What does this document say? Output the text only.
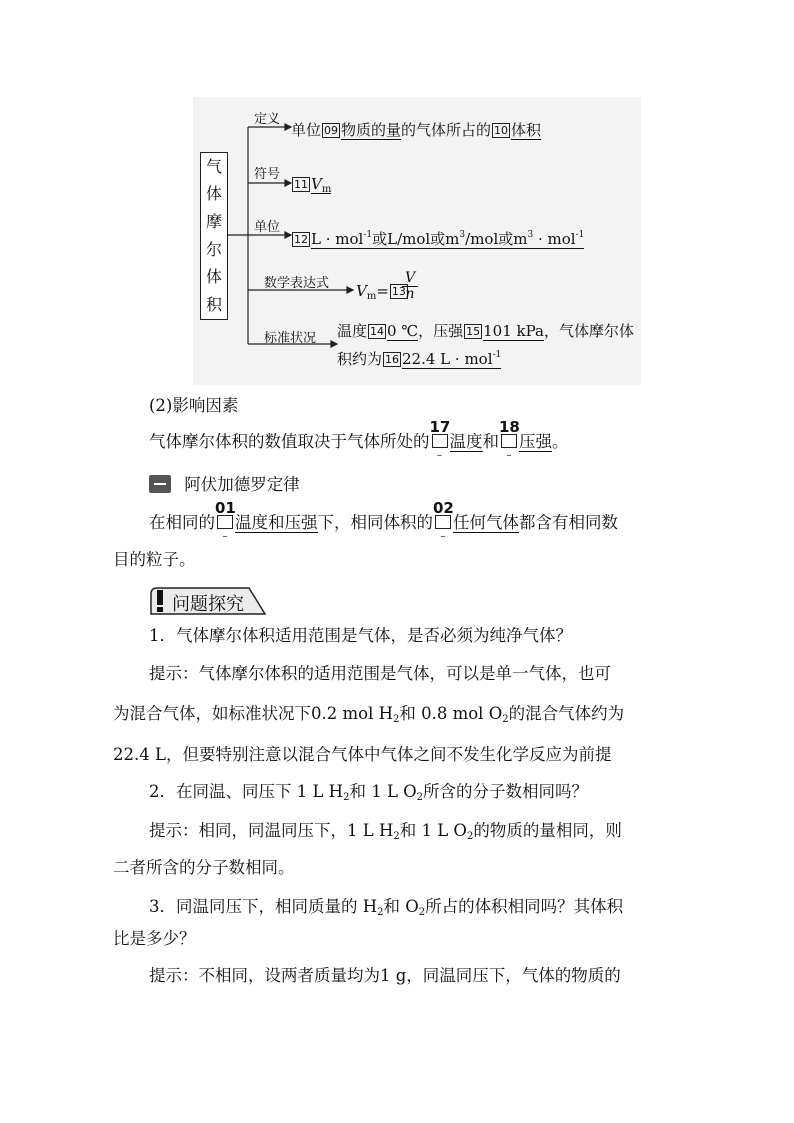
气
体
摩
尔
体
积
定义
单位 09 物质的量的气体所占的 10 体积
符号
11 $V_m$
单位
12 L · mol$^{-1}$或L/mol或$m^3$/mol或$m^3 \cdot mol^{-1}$
数学表达式 $V_m= 13$
V
n
标准状况 温度 14 0 ℃，压强 15 101 kPa，气体摩尔体
积约为 16 22.4 L · mol$^{-1}$
(2)影响因素
气体摩尔体积的数值取决于气体所处的
17
–
温度和
18
–
压强。
阿伏加德罗定律
在相同的
01
–
温度和压强下，相同体积的
02
–
任何气体都含有相同数
目的粒子。
问题探究
1．气体摩尔体积适用范围是气体，是否必须为纯净气体？
提示：气体摩尔体积的适用范围是气体，可以是单一气体，也可
为混合气体，如标准状况下0.2 mol $H_2$和 0.8 mol $O_2$的混合气体约为
22.4 L，但要特别注意以混合气体中气体之间不发生化学反应为前提
2．在同温、同压下 1 L $H_2$和 1 L $O_2$所含的分子数相同吗？
提示：相同，同温同压下，1 L $H_2$和 1 L $O_2$的物质的量相同，则
二者所含的分子数相同。
3．同温同压下，相同质量的 $H_2$和 $O_2$所占的体积相同吗？其体积
比是多少？
提示：不相同，设两者质量均为1 g，同温同压下，气体的物质的
